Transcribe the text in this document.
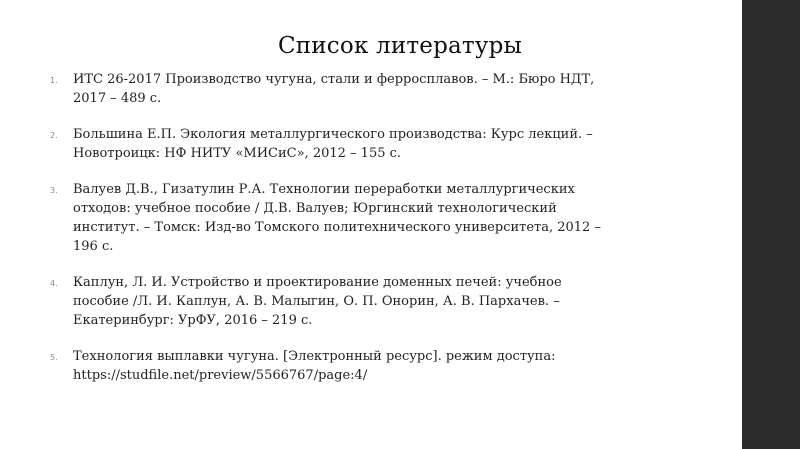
Список литературы
1. ИТС 26-2017 Производство чугуна, стали и ферросплавов. – М.: Бюро НДТ,
2017 – 489 с.
2. Большина Е.П. Экология металлургического производства: Курс лекций. –
Новотроицк: НФ НИТУ «МИСиС», 2012 – 155 с.
3. Валуев Д.В., Гизатулин Р.А. Технологии переработки металлургических
отходов: учебное пособие / Д.В. Валуев; Юргинский технологический
институт. – Томск: Изд-во Томского политехнического университета, 2012 –
196 с.
4. Каплун, Л. И. Устройство и проектирование доменных печей: учебное
пособие /Л. И. Каплун, А. В. Малыгин, О. П. Онорин, А. В. Пархачев. –
Екатеринбург: УрФУ, 2016 – 219 с.
5. Технология выплавки чугуна. [Электронный ресурс]. режим доступа:
https://studfile.net/preview/5566767/page:4/
